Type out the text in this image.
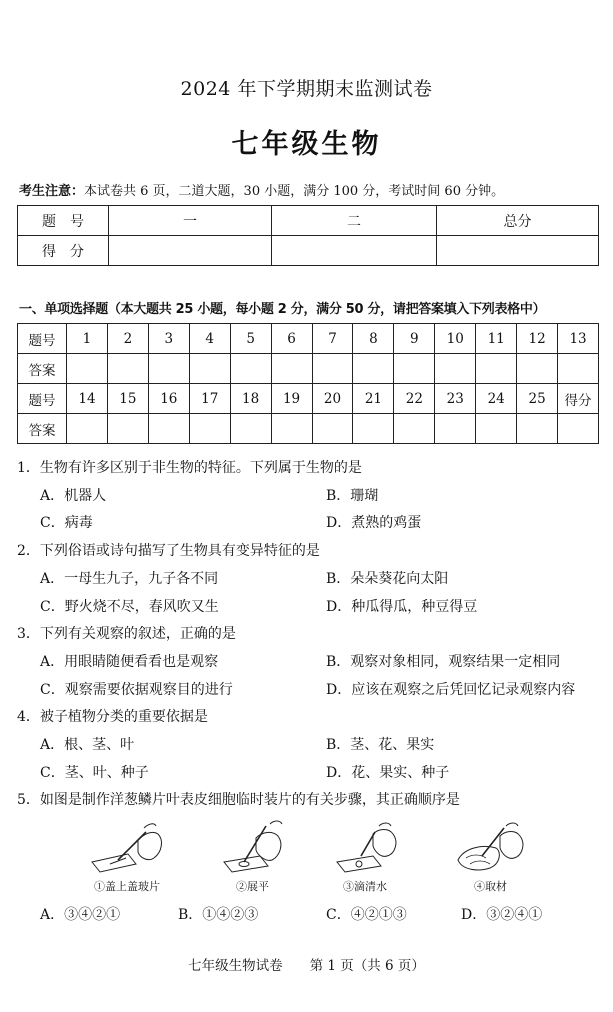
2024 年下学期期末监测试卷
七年级生物
考生注意：本试卷共 6 页，二道大题，30 小题，满分 100 分，考试时间 60 分钟。
题　号	一	二	总分
得　分			
一、单项选择题（本大题共 25 小题，每小题 2 分，满分 50 分，请把答案填入下列表格中）
题号	1	2	3	4	5	6	7	8	9	10	11	12	13
答案													
题号	14	15	16	17	18	19	20	21	22	23	24	25	得分
答案													
1．生物有许多区别于非生物的特征。下列属于生物的是
A．机器人	B．珊瑚
C．病毒	D．煮熟的鸡蛋
2．下列俗语或诗句描写了生物具有变异特征的是
A．一母生九子，九子各不同	B．朵朵葵花向太阳
C．野火烧不尽，春风吹又生	D．种瓜得瓜，种豆得豆
3．下列有关观察的叙述，正确的是
A．用眼睛随便看看也是观察	B．观察对象相同，观察结果一定相同
C．观察需要依据观察目的进行	D．应该在观察之后凭回忆记录观察内容
4．被子植物分类的重要依据是
A．根、茎、叶	B．茎、花、果实
C．茎、叶、种子	D．花、果实、种子
5．如图是制作洋葱鳞片叶表皮细胞临时装片的有关步骤，其正确顺序是
①盖上盖玻片	②展平	③滴清水	④取材
A．③④②①	B．①④②③	C．④②①③	D．③②④①
七年级生物试卷　　第 1 页（共 6 页）
